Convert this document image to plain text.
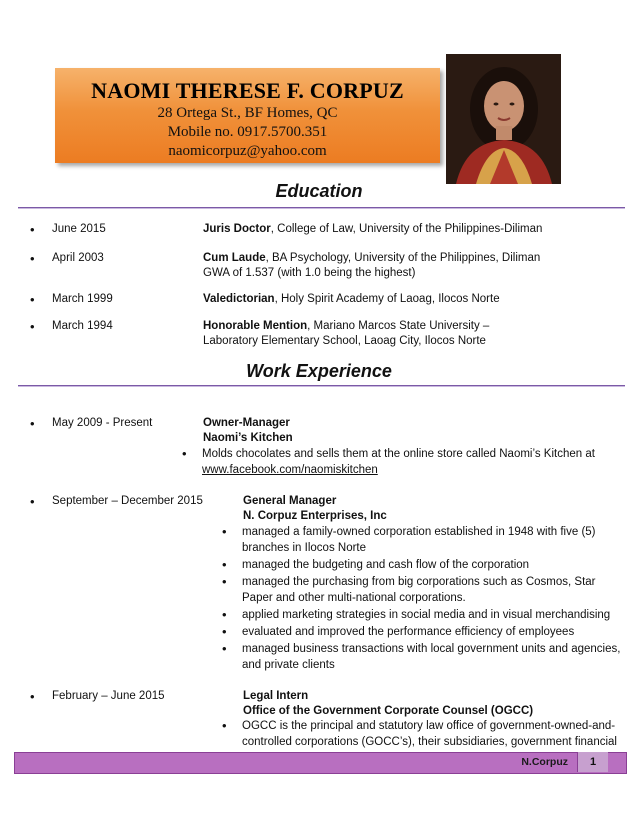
NAOMI THERESE F. CORPUZ
28 Ortega St., BF Homes, QC
Mobile no. 0917.5700.351
naomicorpuz@yahoo.com
Education
• June 2015	Juris Doctor, College of Law, University of the Philippines-Diliman
• April 2003	Cum Laude, BA Psychology, University of the Philippines, Diliman
GWA of 1.537 (with 1.0 being the highest)
• March 1999	Valedictorian, Holy Spirit Academy of Laoag, Ilocos Norte
• March 1994	Honorable Mention, Mariano Marcos State University –
Laboratory Elementary School, Laoag City, Ilocos Norte
Work Experience
• May 2009 - Present	Owner-Manager
Naomi’s Kitchen
• Molds chocolates and sells them at the online store called Naomi’s Kitchen at
www.facebook.com/naomiskitchen
• September – December 2015	General Manager
N. Corpuz Enterprises, Inc
• managed a family-owned corporation established in 1948 with five (5)
branches in Ilocos Norte
• managed the budgeting and cash flow of the corporation
• managed the purchasing from big corporations such as Cosmos, Star
Paper and other multi-national corporations.
• applied marketing strategies in social media and in visual merchandising
• evaluated and improved the performance efficiency of employees
• managed business transactions with local government units and agencies,
and private clients
• February – June 2015	Legal Intern
Office of the Government Corporate Counsel (OGCC)
• OGCC is the principal and statutory law office of government-owned-and-
controlled corporations (GOCC’s), their subsidiaries, government financial
N.Corpuz	1
